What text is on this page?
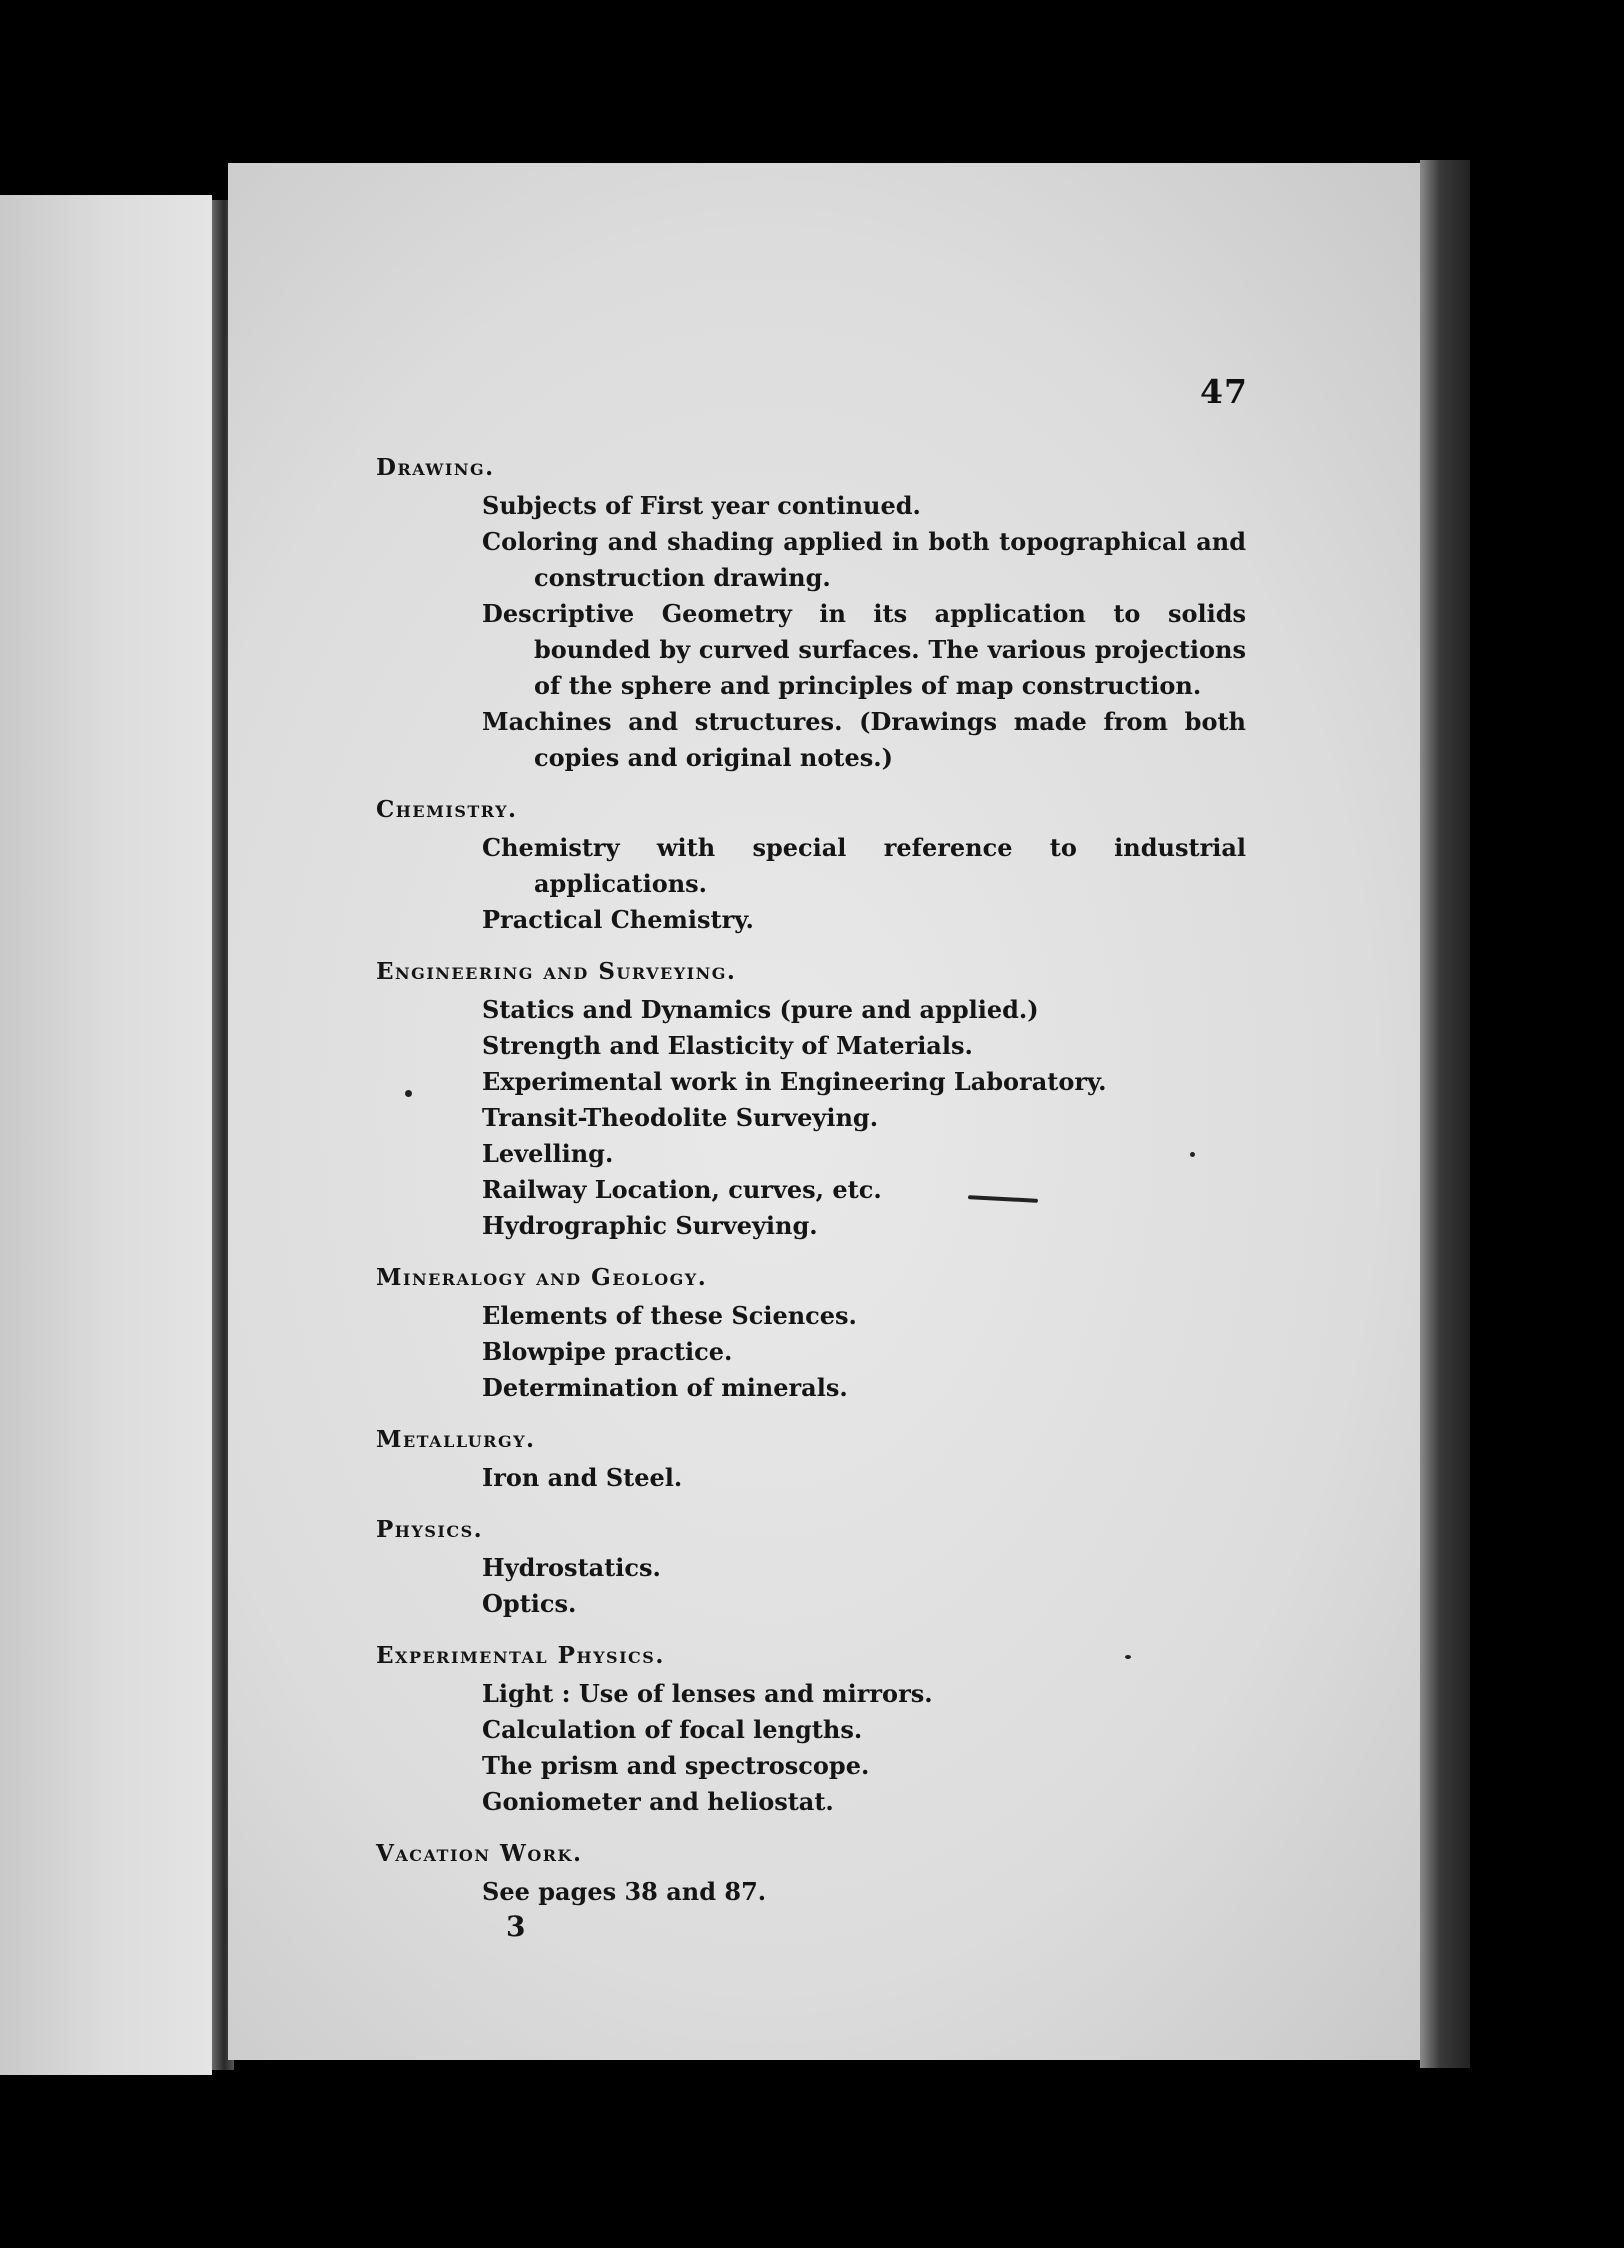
47
Drawing.
Subjects of First year continued.
Coloring and shading applied in both topographical and construction drawing.
Descriptive Geometry in its application to solids bounded by curved surfaces. The various projections of the sphere and principles of map construction.
Machines and structures. (Drawings made from both copies and original notes.)
Chemistry.
Chemistry with special reference to industrial applications.
Practical Chemistry.
Engineering and Surveying.
Statics and Dynamics (pure and applied.)
Strength and Elasticity of Materials.
Experimental work in Engineering Laboratory.
Transit-Theodolite Surveying.
Levelling.
Railway Location, curves, etc.
Hydrographic Surveying.
Mineralogy and Geology.
Elements of these Sciences.
Blowpipe practice.
Determination of minerals.
Metallurgy.
Iron and Steel.
Physics.
Hydrostatics.
Optics.
Experimental Physics.
Light : Use of lenses and mirrors.
Calculation of focal lengths.
The prism and spectroscope.
Goniometer and heliostat.
Vacation Work.
See pages 38 and 87.
3
